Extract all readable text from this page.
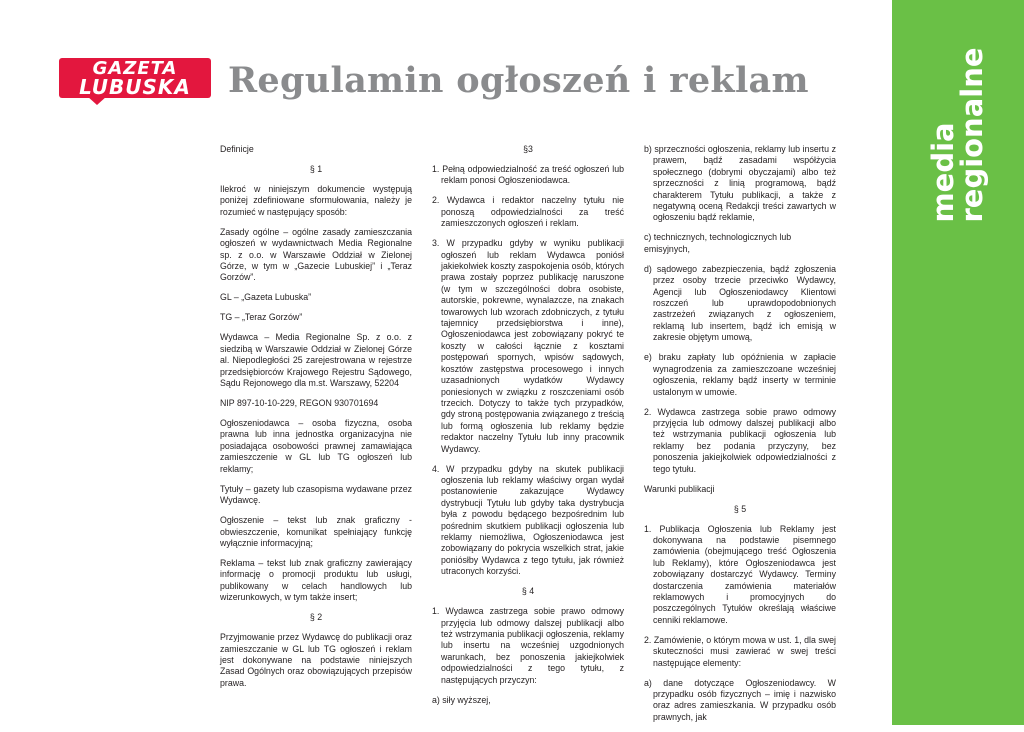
GAZETA
LUBUSKA	Regulamin ogłoszeń i reklam
media
regionalne

Definicje

§ 1

Ilekroć w niniejszym dokumencie występują poniżej zdefiniowane sformułowania, należy je rozumieć w następujący sposób:

Zasady ogólne – ogólne zasady zamieszczania ogłoszeń w wydawnictwach Media Regionalne sp. z o.o. w Warszawie Oddział w Zielonej Górze, w tym w „Gazecie Lubuskiej” i „Teraz Gorzów”.

GL – „Gazeta Lubuska”

TG – „Teraz Gorzów”

Wydawca – Media Regionalne Sp. z o.o. z siedzibą w Warszawie Oddział w Zielonej Górze al. Niepodległości 25 zarejestrowana w rejestrze przedsiębiorców Krajowego Rejestru Sądowego, Sądu Rejonowego dla m.st. Warszawy, 52204

NIP 897-10-10-229, REGON 930701694

Ogłoszeniodawca – osoba fizyczna, osoba prawna lub inna jednostka organizacyjna nie posiadająca osobowości prawnej zamawiająca zamieszczenie w GL lub TG ogłoszeń lub reklamy;

Tytuły – gazety lub czasopisma wydawane przez Wydawcę.

Ogłoszenie – tekst lub znak graficzny - obwieszczenie, komunikat spełniający funkcję wyłącznie informacyjną;

Reklama – tekst lub znak graficzny zawierający informację o promocji produktu lub usługi, publikowany w celach handlowych lub wizerunkowych, w tym także insert;

§ 2

Przyjmowanie przez Wydawcę do publikacji oraz zamieszczanie w GL lub TG ogłoszeń i reklam jest dokonywane na podstawie niniejszych Zasad Ogólnych oraz obowiązujących przepisów prawa.

§3

1. Pełną odpowiedzialność za treść ogłoszeń lub reklam ponosi Ogłoszeniodawca.

2. Wydawca i redaktor naczelny tytułu nie ponoszą odpowiedzialności za treść zamieszczonych ogłoszeń i reklam.

3. W przypadku gdyby w wyniku publikacji ogłoszeń lub reklam Wydawca poniósł jakiekolwiek koszty zaspokojenia osób, których prawa zostały poprzez publikację naruszone (w tym w szczególności dobra osobiste, autorskie, pokrewne, wynalazcze, na znakach towarowych lub wzorach zdobniczych, z tytułu tajemnicy przedsiębiorstwa i inne), Ogłoszeniodawca jest zobowiązany pokryć te koszty w całości łącznie z kosztami postępowań spornych, wpisów sądowych, kosztów zastępstwa procesowego i innych uzasadnionych wydatków Wydawcy poniesionych w związku z roszczeniami osób trzecich. Dotyczy to także tych przypadków, gdy stroną postępowania związanego z treścią lub formą ogłoszenia lub reklamy będzie redaktor naczelny Tytułu lub inny pracownik Wydawcy.

4. W przypadku gdyby na skutek publikacji ogłoszenia lub reklamy właściwy organ wydał postanowienie zakazujące Wydawcy dystrybucji Tytułu lub gdyby taka dystrybucja była z powodu będącego bezpośrednim lub pośrednim skutkiem publikacji ogłoszenia lub reklamy niemożliwa, Ogłoszeniodawca jest zobowiązany do pokrycia wszelkich strat, jakie poniósłby Wydawca z tego tytułu, jak również utraconych korzyści.

§ 4

1. Wydawca zastrzega sobie prawo odmowy przyjęcia lub odmowy dalszej publikacji albo też wstrzymania publikacji ogłoszenia, reklamy lub insertu na wcześniej uzgodnionych warunkach, bez ponoszenia jakiejkolwiek odpowiedzialności z tego tytułu, z następujących przyczyn:

a) siły wyższej,

b) sprzeczności ogłoszenia, reklamy lub insertu z prawem, bądź zasadami współżycia społecznego (dobrymi obyczajami) albo też sprzeczności z linią programową, bądź charakterem Tytułu publikacji, a także z negatywną oceną Redakcji treści zawartych w ogłoszeniu bądź reklamie,

c) technicznych, technologicznych lub emisyjnych,

d) sądowego zabezpieczenia, bądź zgłoszenia przez osoby trzecie przeciwko Wydawcy, Agencji lub Ogłoszeniodawcy Klientowi roszczeń lub uprawdopodobnionych zastrzeżeń związanych z ogłoszeniem, reklamą lub insertem, bądź ich emisją w zakresie objętym umową,

e) braku zapłaty lub opóźnienia w zapłacie wynagrodzenia za zamieszczoane wcześniej ogłoszenia, reklamy bądź inserty w terminie ustalonym w umowie.

2. Wydawca zastrzega sobie prawo odmowy przyjęcia lub odmowy dalszej publikacji albo też wstrzymania publikacji ogłoszenia lub reklamy bez podania przyczyny, bez ponoszenia jakiejkolwiek odpowiedzialności z tego tytułu.

Warunki publikacji

§ 5

1. Publikacja Ogłoszenia lub Reklamy jest dokonywana na podstawie pisemnego zamówienia (obejmującego treść Ogłoszenia lub Reklamy), które Ogłoszeniodawca jest zobowiązany dostarczyć Wydawcy. Terminy dostarczenia zamówienia materiałów reklamowych i promocyjnych do poszczególnych Tytułów określają właściwe cenniki reklamowe.

2. Zamówienie, o którym mowa w ust. 1, dla swej skuteczności musi zawierać w swej treści następujące elementy:

a) dane dotyczące Ogłoszeniodawcy. W przypadku osób fizycznych – imię i nazwisko oraz adres zamieszkania. W przypadku osób prawnych, jak
